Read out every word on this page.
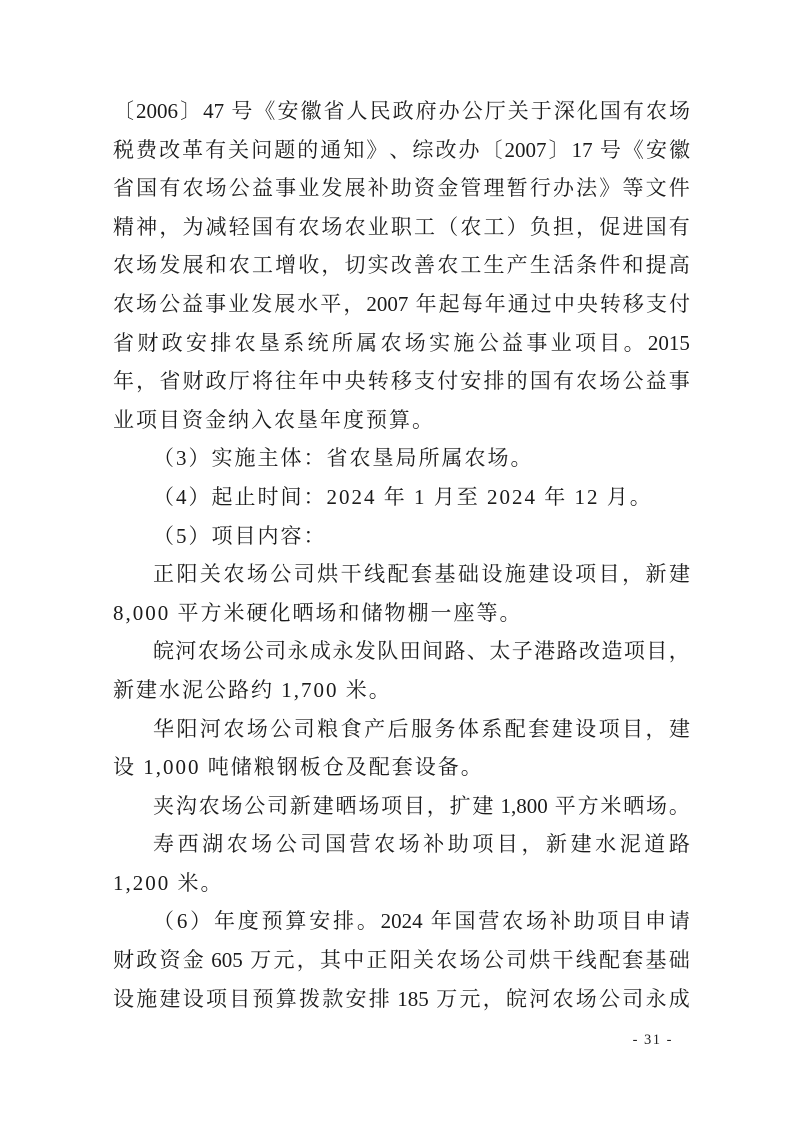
〔 2006 〕 47 号 《 安 徽 省 人 民 政 府 办 公 厅 关 于 深 化 国 有 农 场
税 费 改 革 有 关 问 题 的 通 知 》 、 综 改 办 〔 2007 〕 17 号 《 安 徽
省 国 有 农 场 公 益 事 业 发 展 补 助 资 金 管 理 暂 行 办 法 》 等 文 件
精 神 ， 为 减 轻 国 有 农 场 农 业 职 工 （ 农 工 ） 负 担 ， 促 进 国 有
农 场 发 展 和 农 工 增 收 ， 切 实 改 善 农 工 生 产 生 活 条 件 和 提 高
农 场 公 益 事 业 发 展 水 平 ， 2007 年 起 每 年 通 过 中 央 转 移 支 付
省 财 政 安 排 农 垦 系 统 所 属 农 场 实 施 公 益 事 业 项 目 。 2015
年 ， 省 财 政 厅 将 往 年 中 央 转 移 支 付 安 排 的 国 有 农 场 公 益 事
业项目资金纳入农垦年度预算。
（3）实施主体：省农垦局所属农场。
（4）起止时间：2024 年 1 月至 2024 年 12 月。
（5）项目内容：
正 阳 关 农 场 公 司 烘 干 线 配 套 基 础 设 施 建 设 项 目 ， 新 建
8,000 平方米硬化晒场和储物棚一座等。
皖 河 农 场 公 司 永 成 永 发 队 田 间 路 、 太 子 港 路 改 造 项 目 ，
新建水泥公路约 1,700 米。
华 阳 河 农 场 公 司 粮 食 产 后 服 务 体 系 配 套 建 设 项 目 ， 建
设 1,000 吨储粮钢板仓及配套设备。
夹 沟 农 场 公 司 新 建 晒 场 项 目 ， 扩 建 1,800 平 方 米 晒 场 。
寿 西 湖 农 场 公 司 国 营 农 场 补 助 项 目 ， 新 建 水 泥 道 路
1,200 米。
（ 6 ） 年 度 预 算 安 排 。 2024 年 国 营 农 场 补 助 项 目 申 请
财 政 资 金 605 万 元 ， 其 中 正 阳 关 农 场 公 司 烘 干 线 配 套 基 础
设 施 建 设 项 目 预 算 拨 款 安 排 185 万 元 ， 皖 河 农 场 公 司 永 成
- 31 -
